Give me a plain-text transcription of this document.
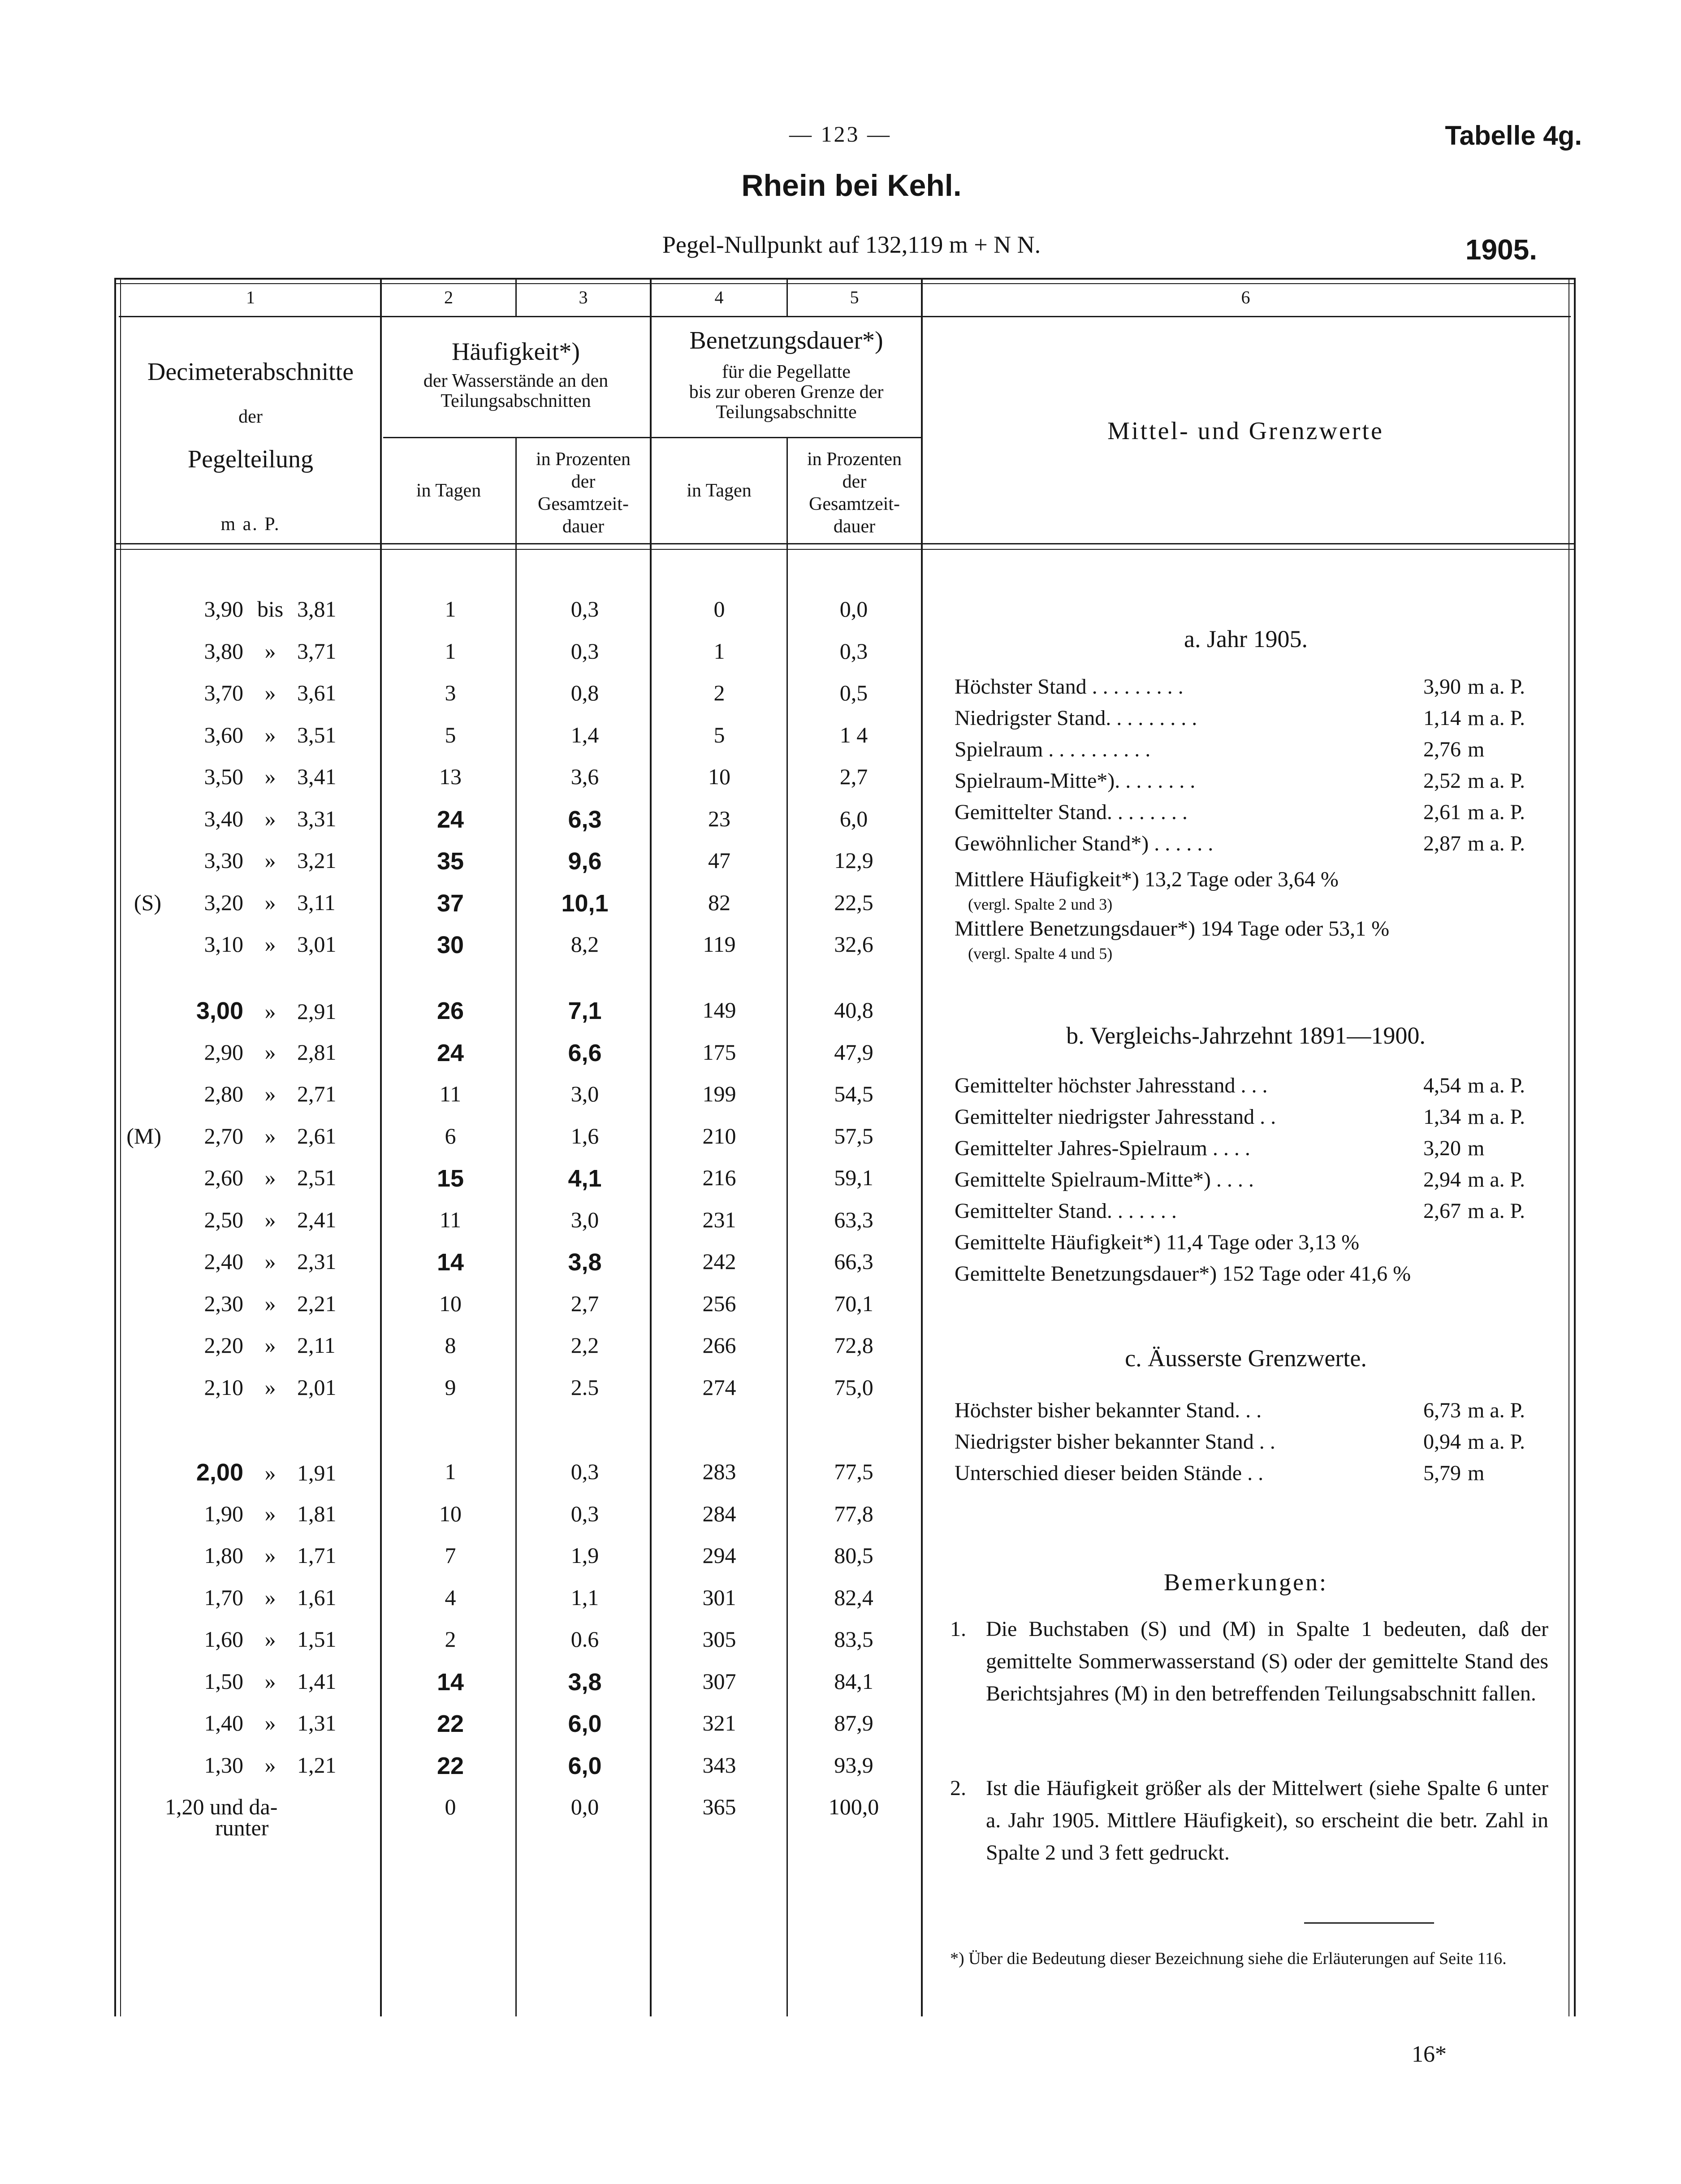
— 123 —	Tabelle 4g.
Rhein bei Kehl.
Pegel-Nullpunkt auf 132,119 m + N N.	1905.
1	2	3	4	5	6
Decimeterabschnitte
der
Pegelteilung
m a. P.
Häufigkeit*)
der Wasserstände an den
Teilungsabschnitten
Benetzungsdauer*)
für die Pegellatte
bis zur oberen Grenze der
Teilungsabschnitte
in Tagen
in Prozenten
der
Gesamtzeit-
dauer
in Tagen
in Prozenten
der
Gesamtzeit-
dauer
Mittel- und Grenzwerte
3,90 bis 3,81	1	0,3	0	0,0
3,80 » 3,71	1	0,3	1	0,3
3,70 » 3,61	3	0,8	2	0,5
3,60 » 3,51	5	1,4	5	1 4
3,50 » 3,41	13	3,6	10	2,7
3,40 » 3,31	24	6,3	23	6,0
3,30 » 3,21	35	9,6	47	12,9
(S) 3,20 » 3,11	37	10,1	82	22,5
3,10 » 3,01	30	8,2	119	32,6
3,00 » 2,91	26	7,1	149	40,8
2,90 » 2,81	24	6,6	175	47,9
2,80 » 2,71	11	3,0	199	54,5
(M) 2,70 » 2,61	6	1,6	210	57,5
2,60 » 2,51	15	4,1	216	59,1
2,50 » 2,41	11	3,0	231	63,3
2,40 » 2,31	14	3,8	242	66,3
2,30 » 2,21	10	2,7	256	70,1
2,20 » 2,11	8	2,2	266	72,8
2,10 » 2,01	9	2.5	274	75,0
2,00 » 1,91	1	0,3	283	77,5
1,90 » 1,81	10	0,3	284	77,8
1,80 » 1,71	7	1,9	294	80,5
1,70 » 1,61	4	1,1	301	82,4
1,60 » 1,51	2	0.6	305	83,5
1,50 » 1,41	14	3,8	307	84,1
1,40 » 1,31	22	6,0	321	87,9
1,30 » 1,21	22	6,0	343	93,9
1,20 und da-	0	0,0	365	100,0
runter
a. Jahr 1905.
Höchster Stand . . . . . . . . .	3,90 m a. P.
Niedrigster Stand. . . . . . . . .	1,14 m a. P.
Spielraum . . . . . . . . . .	2,76 m
Spielraum-Mitte*). . . . . . . .	2,52 m a. P.
Gemittelter Stand. . . . . . . .	2,61 m a. P.
Gewöhnlicher Stand*) . . . . . .	2,87 m a. P.
Mittlere Häufigkeit*) 13,2 Tage oder 3,64 %
(vergl. Spalte 2 und 3)
Mittlere Benetzungsdauer*) 194 Tage oder 53,1 %
(vergl. Spalte 4 und 5)
b. Vergleichs-Jahrzehnt 1891—1900.
Gemittelter höchster Jahresstand . . .	4,54 m a. P.
Gemittelter niedrigster Jahresstand . .	1,34 m a. P.
Gemittelter Jahres-Spielraum . . . .	3,20 m
Gemittelte Spielraum-Mitte*) . . . .	2,94 m a. P.
Gemittelter Stand. . . . . . .	2,67 m a. P.
Gemittelte Häufigkeit*) 11,4 Tage oder 3,13 %
Gemittelte Benetzungsdauer*) 152 Tage oder 41,6 %
c. Äusserste Grenzwerte.
Höchster bisher bekannter Stand. . .	6,73 m a. P.
Niedrigster bisher bekannter Stand . .	0,94 m a. P.
Unterschied dieser beiden Stände . .	5,79 m
Bemerkungen:
1. Die Buchstaben (S) und (M) in Spalte 1 bedeuten, daß der gemittelte Sommerwasserstand (S) oder der gemittelte Stand des Berichtsjahres (M) in den betreffenden Teilungsabschnitt fallen.
2. Ist die Häufigkeit größer als der Mittelwert (siehe Spalte 6 unter a. Jahr 1905. Mittlere Häufigkeit), so erscheint die betr. Zahl in Spalte 2 und 3 fett gedruckt.
*) Über die Bedeutung dieser Bezeichnung siehe die Erläuterungen auf Seite 116.
16*
